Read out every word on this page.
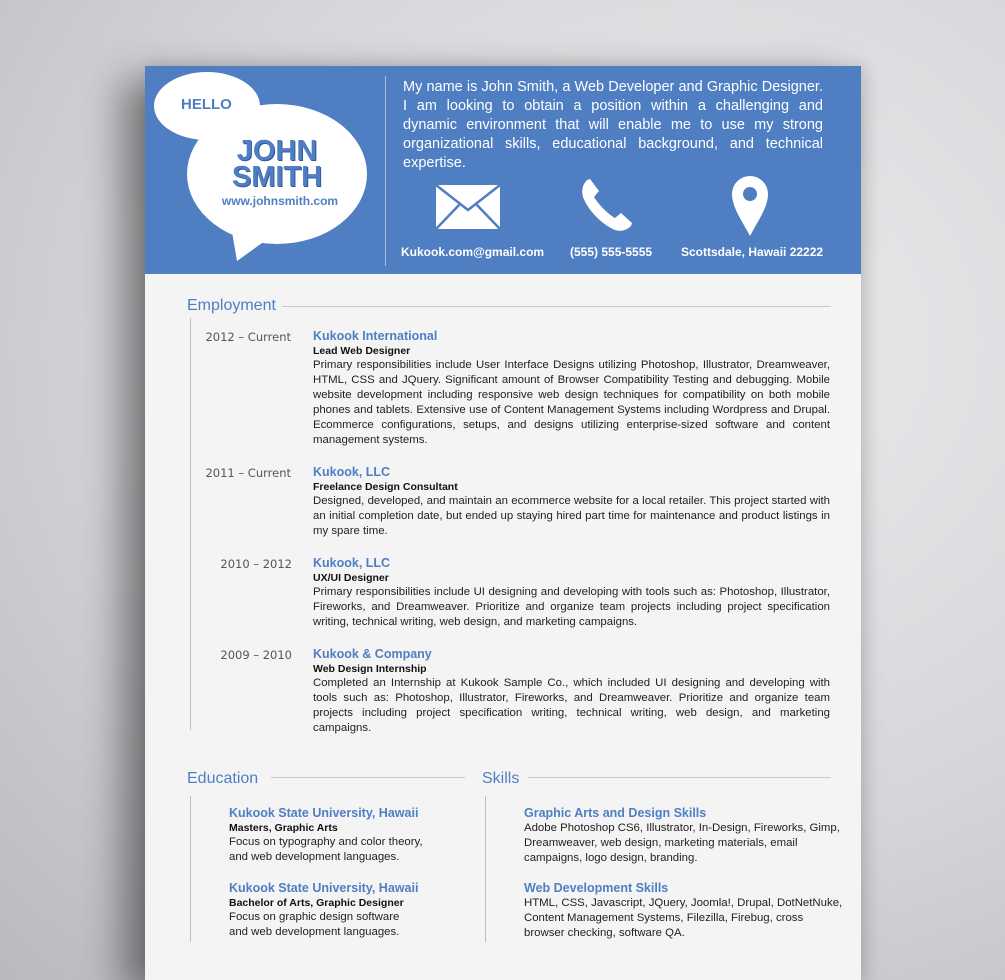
HELLO
JOHN
SMITH
www.johnsmith.com
My name is John Smith, a Web Developer and Graphic Designer. I am looking to obtain a position within a challenging and dynamic environment that will enable me to use my strong organizational skills, educational background, and technical expertise.
Kukook.com@gmail.com (555) 555-5555 Scottsdale, Hawaii 22222
Employment
2012 – Current Kukook International
Lead Web Designer
Primary responsibilities include User Interface Designs utilizing Photoshop, Illustrator, Dreamweaver, HTML, CSS and JQuery. Significant amount of Browser Compatibility Testing and debugging. Mobile website development including responsive web design techniques for compatibility on both mobile phones and tablets. Extensive use of Content Management Systems including Wordpress and Drupal. Ecommerce configurations, setups, and designs utilizing enterprise-sized software and content management systems.
2011 – Current Kukook, LLC
Freelance Design Consultant
Designed, developed, and maintain an ecommerce website for a local retailer. This project started with an initial completion date, but ended up staying hired part time for maintenance and product listings in my spare time.
2010 – 2012 Kukook, LLC
UX/UI Designer
Primary responsibilities include UI designing and developing with tools such as: Photoshop, Illustrator, Fireworks, and Dreamweaver. Prioritize and organize team projects including project specification writing, technical writing, web design, and marketing campaigns.
2009 – 2010 Kukook & Company
Web Design Internship
Completed an Internship at Kukook Sample Co., which included UI designing and developing with tools such as: Photoshop, Illustrator, Fireworks, and Dreamweaver. Prioritize and organize team projects including project specification writing, technical writing, web design, and marketing campaigns.
Education
Kukook State University, Hawaii
Masters, Graphic Arts
Focus on typography and color theory,
and web development languages.
Kukook State University, Hawaii
Bachelor of Arts, Graphic Designer
Focus on graphic design software
and web development languages.
Skills
Graphic Arts and Design Skills
Adobe Photoshop CS6, Illustrator, In-Design, Fireworks, Gimp,
Dreamweaver, web design, marketing materials, email
campaigns, logo design, branding.
Web Development Skills
HTML, CSS, Javascript, JQuery, Joomla!, Drupal, DotNetNuke,
Content Management Systems, Filezilla, Firebug, cross
browser checking, software QA.
